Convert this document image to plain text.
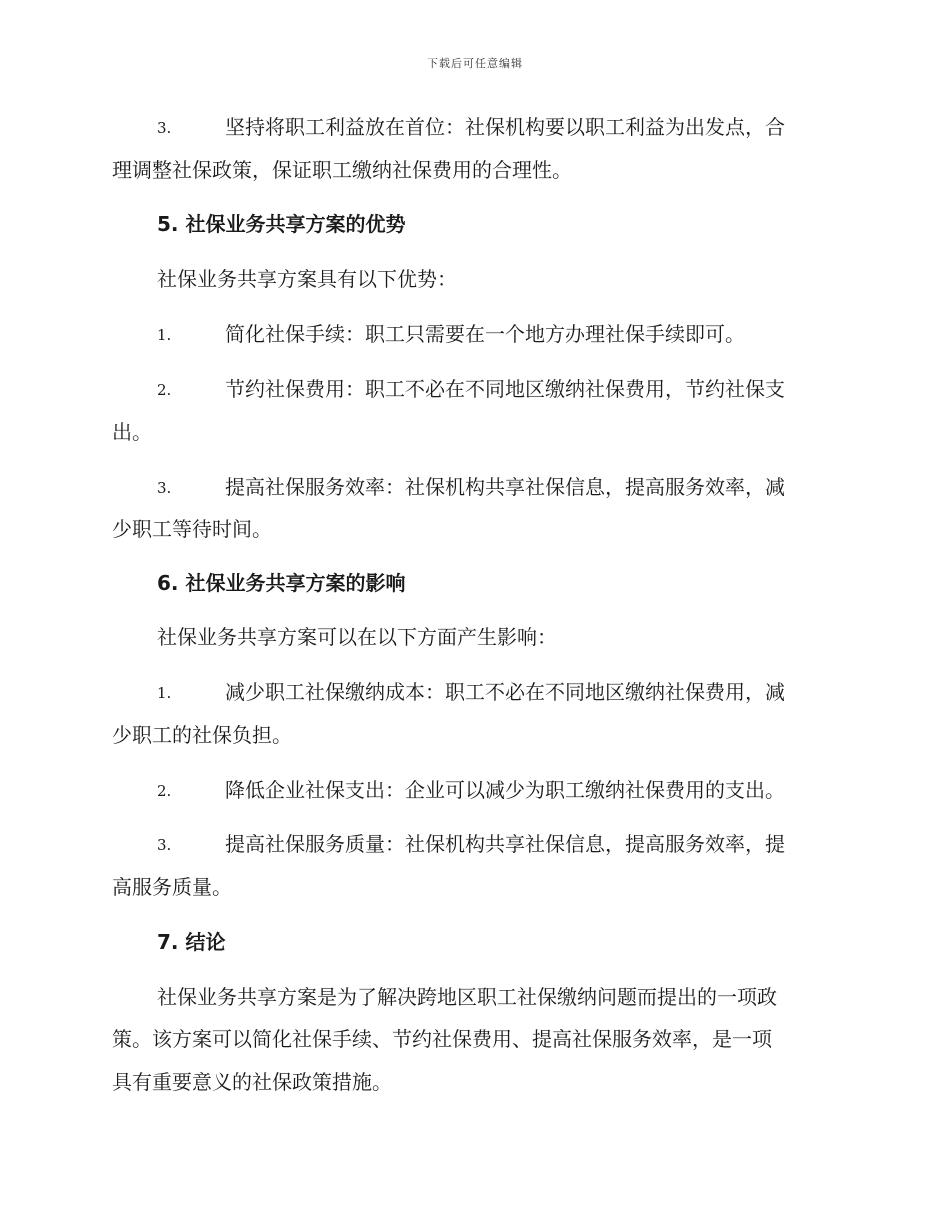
下载后可任意编辑
3.	坚持将职工利益放在首位：社保机构要以职工利益为出发点，合
理调整社保政策，保证职工缴纳社保费用的合理性。
5. 社保业务共享方案的优势
社保业务共享方案具有以下优势：
1.	简化社保手续：职工只需要在一个地方办理社保手续即可。
2.	节约社保费用：职工不必在不同地区缴纳社保费用，节约社保支
出。
3.	提高社保服务效率：社保机构共享社保信息，提高服务效率，减
少职工等待时间。
6. 社保业务共享方案的影响
社保业务共享方案可以在以下方面产生影响：
1.	减少职工社保缴纳成本：职工不必在不同地区缴纳社保费用，减
少职工的社保负担。
2.	降低企业社保支出：企业可以减少为职工缴纳社保费用的支出。
3.	提高社保服务质量：社保机构共享社保信息，提高服务效率，提
高服务质量。
7. 结论
社保业务共享方案是为了解决跨地区职工社保缴纳问题而提出的一项政
策。该方案可以简化社保手续、节约社保费用、提高社保服务效率，是一项
具有重要意义的社保政策措施。
